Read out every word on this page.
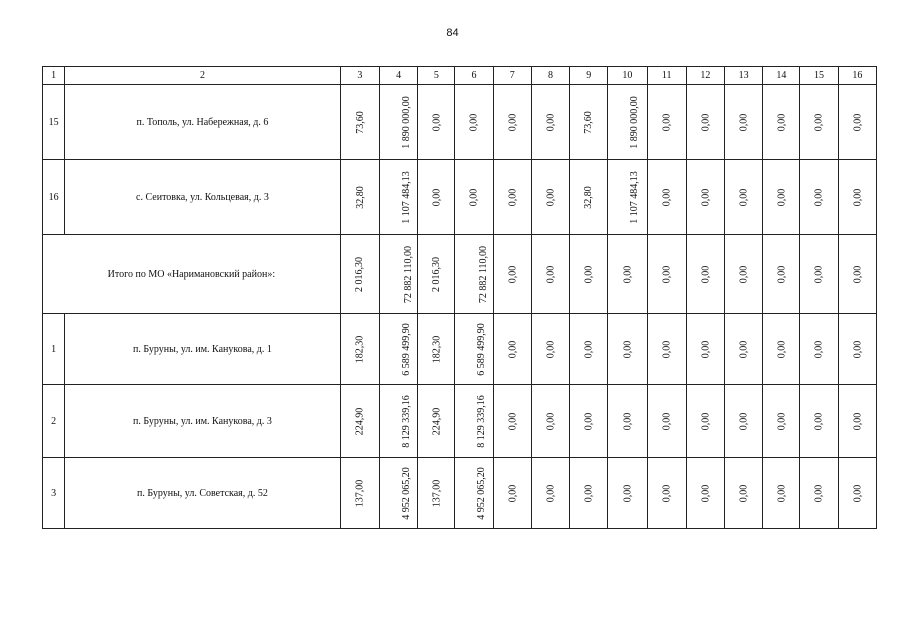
84
1	2	3	4	5	6	7	8	9	10	11	12	13	14	15	16
15	п. Тополь, ул. Набережная, д. 6	73,60	1 890 000,00	0,00	0,00	0,00	0,00	73,60	1 890 000,00	0,00	0,00	0,00	0,00	0,00	0,00
16	с. Сеитовка, ул. Кольцевая, д. 3	32,80	1 107 484,13	0,00	0,00	0,00	0,00	32,80	1 107 484,13	0,00	0,00	0,00	0,00	0,00	0,00
Итого по МО «Наримановский район»:		2 016,30	72 882 110,00	2 016,30	72 882 110,00	0,00	0,00	0,00	0,00	0,00	0,00	0,00	0,00	0,00	0,00
1	п. Буруны, ул. им. Канукова, д. 1	182,30	6 589 499,90	182,30	6 589 499,90	0,00	0,00	0,00	0,00	0,00	0,00	0,00	0,00	0,00	0,00
2	п. Буруны, ул. им. Канукова, д. 3	224,90	8 129 339,16	224,90	8 129 339,16	0,00	0,00	0,00	0,00	0,00	0,00	0,00	0,00	0,00	0,00
3	п. Буруны, ул. Советская, д. 52	137,00	4 952 065,20	137,00	4 952 065,20	0,00	0,00	0,00	0,00	0,00	0,00	0,00	0,00	0,00	0,00
